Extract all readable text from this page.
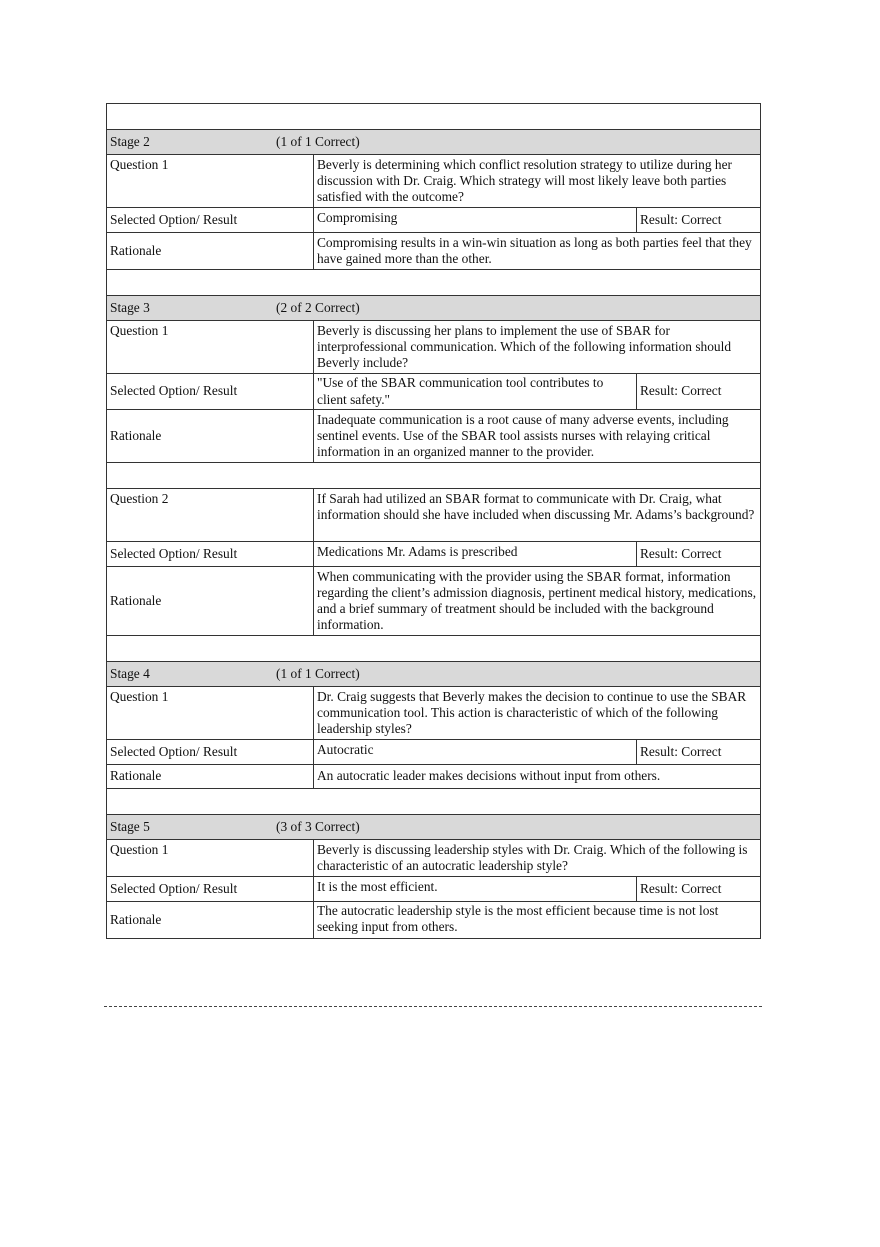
Stage 2 (1 of 1 Correct)		
Question 1	Beverly is determining which conflict resolution strategy to utilize during her discussion with Dr. Craig. Which strategy will most likely leave both parties satisfied with the outcome?	

Selected Option/ Result	Compromising	Result: Correct
Rationale	Compromising results in a win-win situation as long as both parties feel that they have gained more than the other.	

Stage 3 (2 of 2 Correct)		
Question 1	Beverly is discussing her plans to implement the use of SBAR for interprofessional communication. Which of the following information should Beverly include?	

Selected Option/ Result	"Use of the SBAR communication tool contributes to client safety."	Result: Correct
Rationale	Inadequate communication is a root cause of many adverse events, including sentinel events. Use of the SBAR tool assists nurses with relaying critical information in an organized manner to the provider.	

Question 2	If Sarah had utilized an SBAR format to communicate with Dr. Craig, what information should she have included when discussing Mr. Adams’s background?	

Selected Option/ Result	Medications Mr. Adams is prescribed	Result: Correct
Rationale	When communicating with the provider using the SBAR format, information regarding the client’s admission diagnosis, pertinent medical history, medications, and a brief summary of treatment should be included with the background information.	

Stage 4 (1 of 1 Correct)		
Question 1	Dr. Craig suggests that Beverly makes the decision to continue to use the SBAR communication tool. This action is characteristic of which of the following leadership styles?	

Selected Option/ Result	Autocratic	Result: Correct
Rationale	An autocratic leader makes decisions without input from others.	

Stage 5 (3 of 3 Correct)		
Question 1	Beverly is discussing leadership styles with Dr. Craig. Which of the following is characteristic of an autocratic leadership style?	

Selected Option/ Result	It is the most efficient.	Result: Correct
Rationale	The autocratic leadership style is the most efficient because time is not lost seeking input from others.	
